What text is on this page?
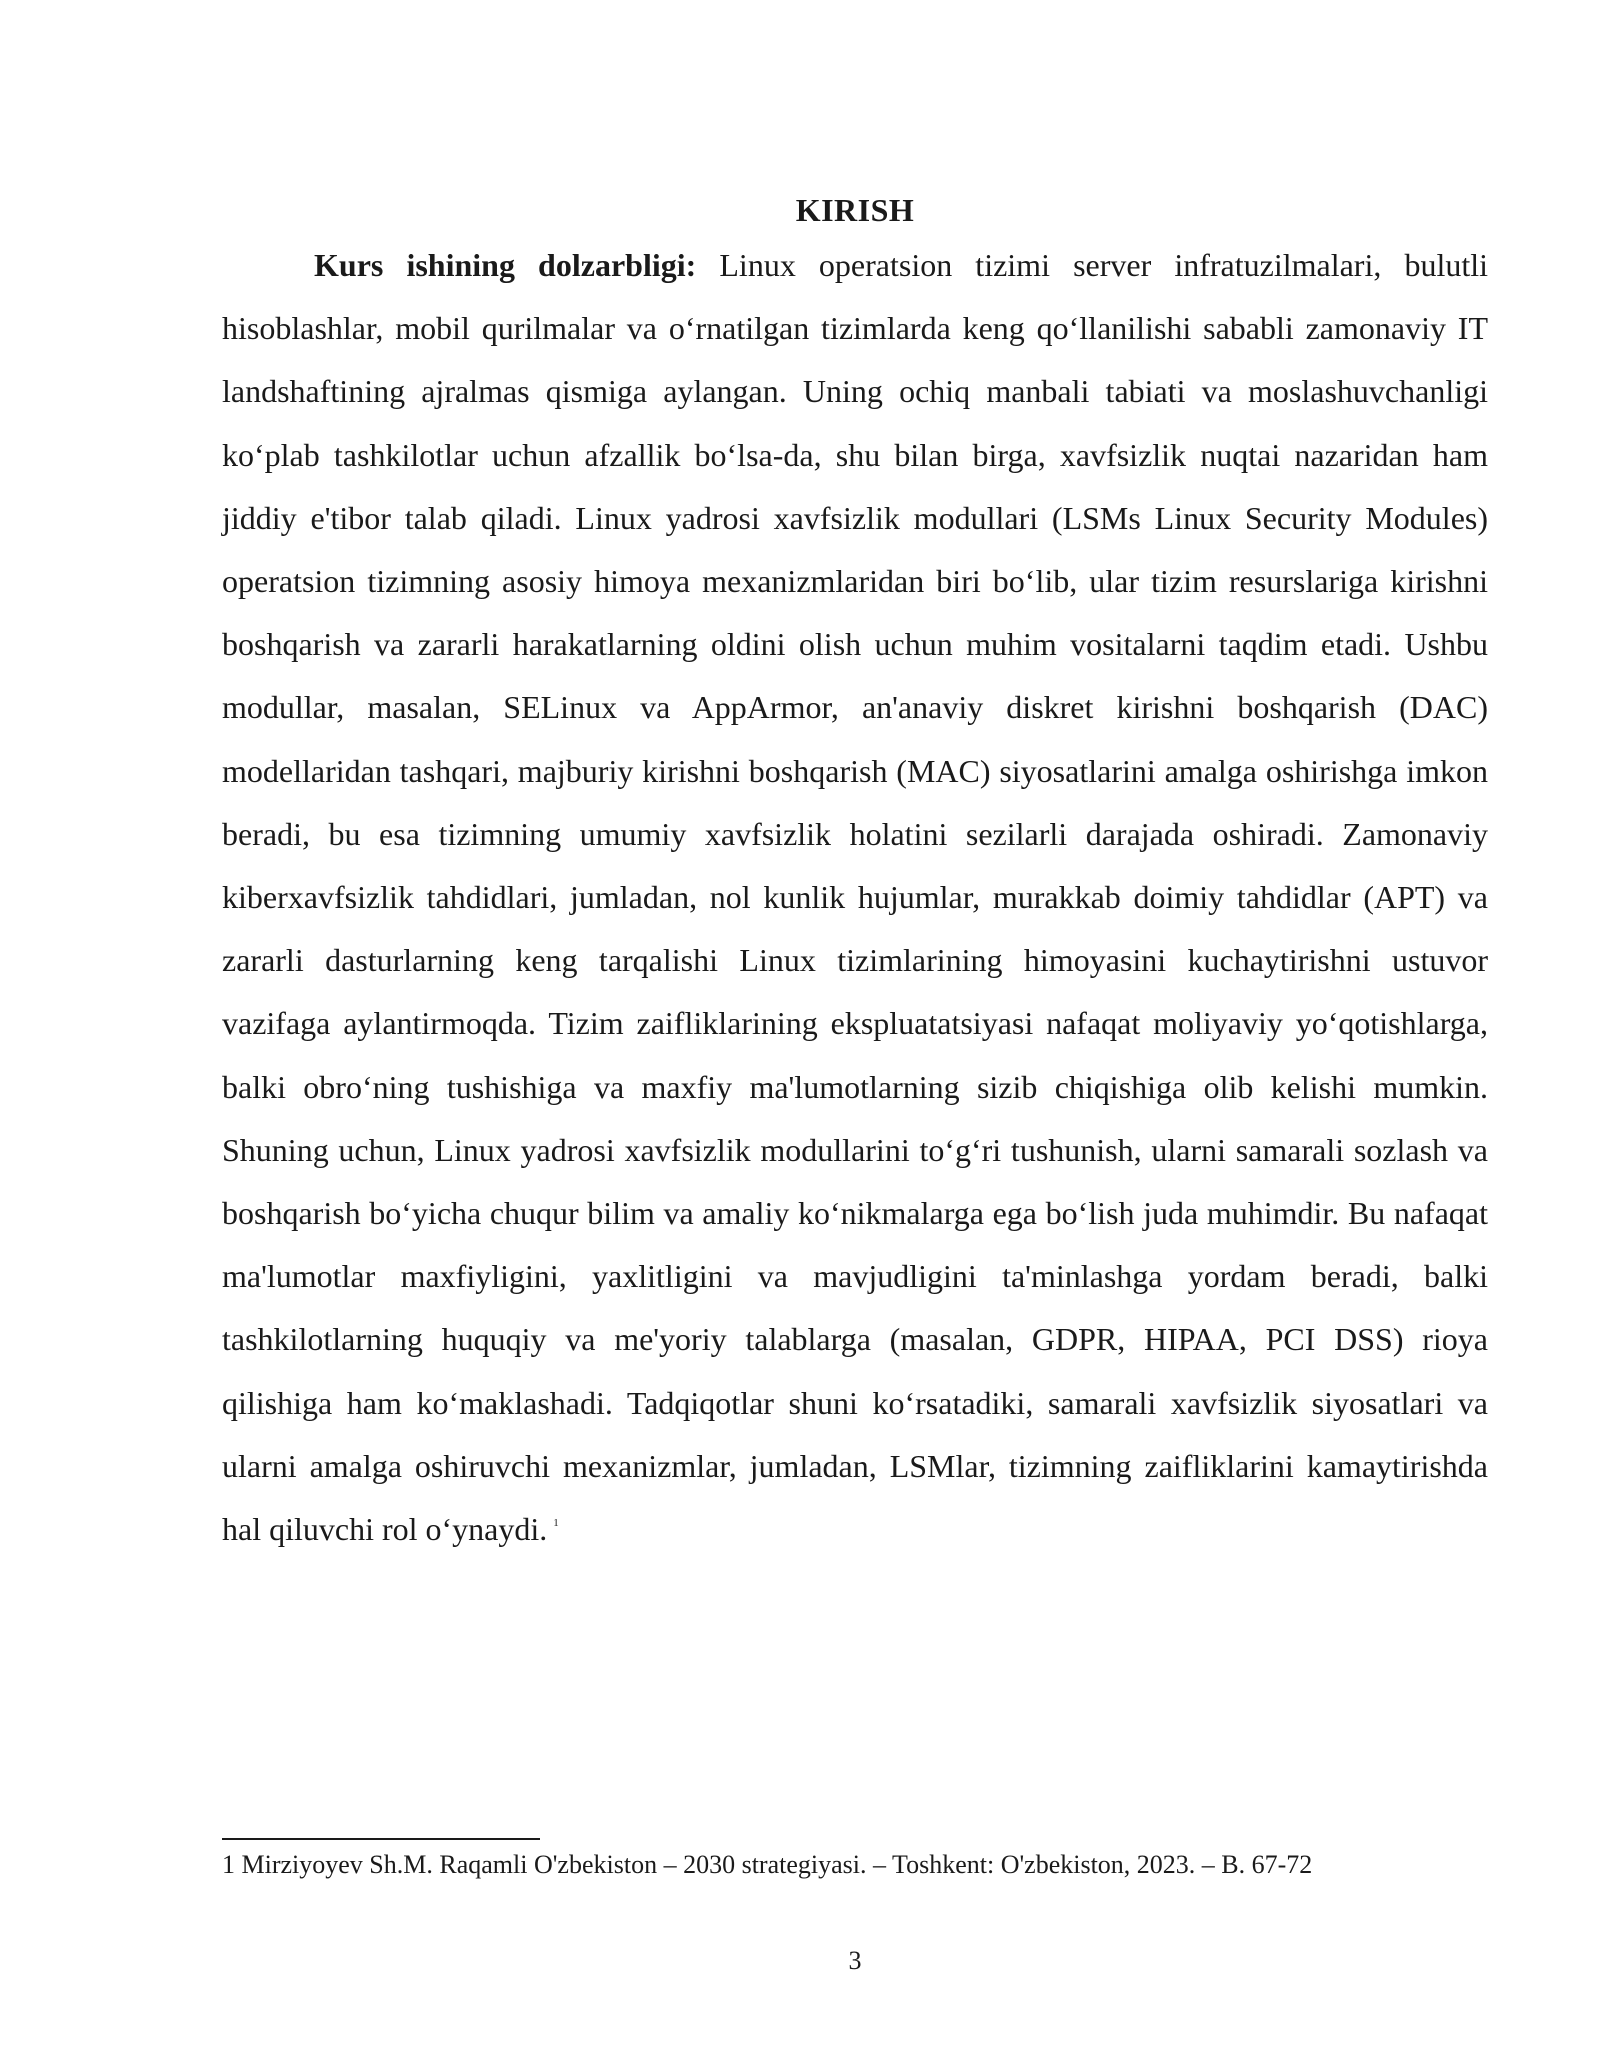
KIRISH

Kurs ishining dolzarbligi: Linux operatsion tizimi server infratuzilmalari, bulutli hisoblashlar, mobil qurilmalar va o‘rnatilgan tizimlarda keng qo‘llanilishi sababli zamonaviy IT landshaftining ajralmas qismiga aylangan. Uning ochiq manbali tabiati va moslashuvchanligi ko‘plab tashkilotlar uchun afzallik bo‘lsa-da, shu bilan birga, xavfsizlik nuqtai nazaridan ham jiddiy e'tibor talab qiladi. Linux yadrosi xavfsizlik modullari (LSMs Linux Security Modules) operatsion tizimning asosiy himoya mexanizmlaridan biri bo‘lib, ular tizim resurslariga kirishni boshqarish va zararli harakatlarning oldini olish uchun muhim vositalarni taqdim etadi. Ushbu modullar, masalan, SELinux va AppArmor, an'anaviy diskret kirishni boshqarish (DAC) modellaridan tashqari, majburiy kirishni boshqarish (MAC) siyosatlarini amalga oshirishga imkon beradi, bu esa tizimning umumiy xavfsizlik holatini sezilarli darajada oshiradi. Zamonaviy kiberxavfsizlik tahdidlari, jumladan, nol kunlik hujumlar, murakkab doimiy tahdidlar (APT) va zararli dasturlarning keng tarqalishi Linux tizimlarining himoyasini kuchaytirishni ustuvor vazifaga aylantirmoqda. Tizim zaifliklarining ekspluatatsiyasi nafaqat moliyaviy yo‘qotishlarga, balki obro‘ning tushishiga va maxfiy ma'lumotlarning sizib chiqishiga olib kelishi mumkin. Shuning uchun, Linux yadrosi xavfsizlik modullarini to‘g‘ri tushunish, ularni samarali sozlash va boshqarish bo‘yicha chuqur bilim va amaliy ko‘nikmalarga ega bo‘lish juda muhimdir. Bu nafaqat ma'lumotlar maxfiyligini, yaxlitligini va mavjudligini ta'minlashga yordam beradi, balki tashkilotlarning huquqiy va me'yoriy talablarga (masalan, GDPR, HIPAA, PCI DSS) rioya qilishiga ham ko‘maklashadi. Tadqiqotlar shuni ko‘rsatadiki, samarali xavfsizlik siyosatlari va ularni amalga oshiruvchi mexanizmlar, jumladan, LSMlar, tizimning zaifliklarini kamaytirishda hal qiluvchi rol o‘ynaydi. $^1$

1 Mirziyoyev Sh.M. Raqamli O'zbekiston – 2030 strategiyasi. – Toshkent: O'zbekiston, 2023. – B. 67-72
3
